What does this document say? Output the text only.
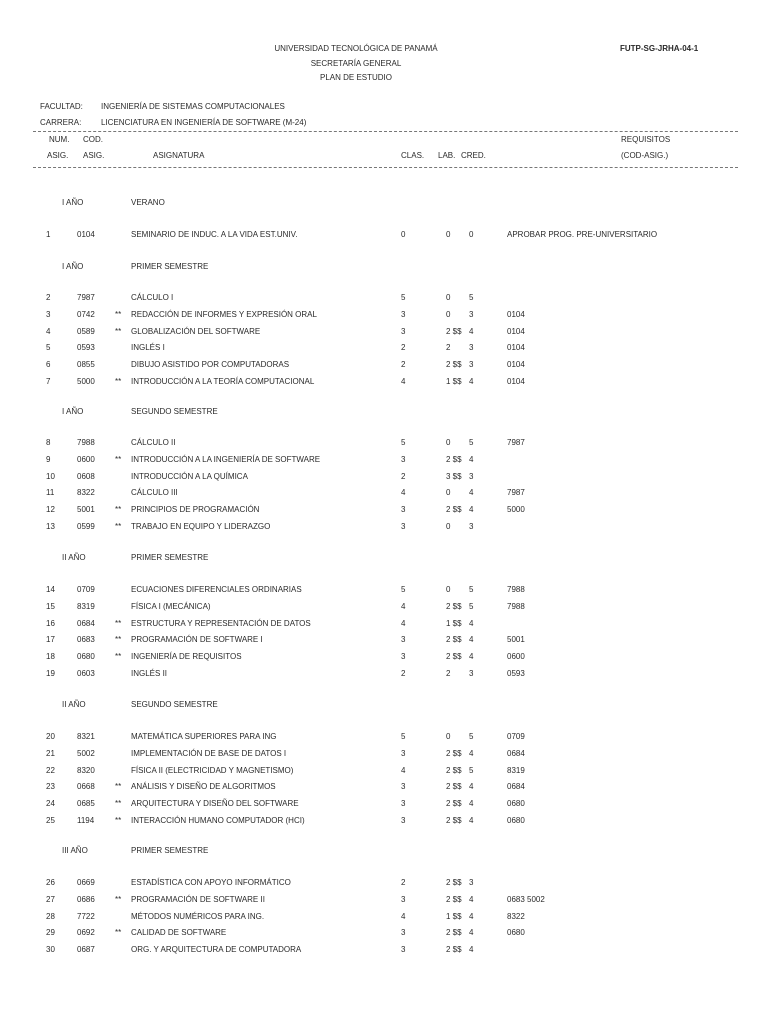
UNIVERSIDAD TECNOLÓGICA DE PANAMÁ
SECRETARÍA GENERAL
PLAN DE ESTUDIO
FUTP-SG-JRHA-04-1
FACULTAD: INGENIERÍA DE SISTEMAS COMPUTACIONALES
CARRERA: LICENCIATURA EN INGENIERÍA DE SOFTWARE (M-24)
NUM.
ASIG.
COD.
ASIG.	ASIGNATURA	CLAS. LAB. CRED.
REQUISITOS
(COD-ASIG.)
I AÑO	VERANO
1	0104	SEMINARIO DE INDUC. A LA VIDA EST.UNIV.	0	0 0	APROBAR PROG. PRE-UNIVERSITARIO
I AÑO	PRIMER SEMESTRE
2	7987	CÁLCULO I	5	0 5
3	0742	** REDACCIÓN DE INFORMES Y EXPRESIÓN ORAL	3	0 3	0104
4	0589	** GLOBALIZACIÓN DEL SOFTWARE	3	2 $$ 4	0104
5	0593	INGLÉS I	2	2 3	0104
6	0855	DIBUJO ASISTIDO POR COMPUTADORAS	2	2 $$ 3	0104
7	5000	** INTRODUCCIÓN A LA TEORÍA COMPUTACIONAL	4	1 $$ 4	0104
I AÑO	SEGUNDO SEMESTRE
8	7988	CÁLCULO II	5	0 5	7987
9	0600	** INTRODUCCIÓN A LA INGENIERÍA DE SOFTWARE	3	2 $$ 4
10	0608	INTRODUCCIÓN A LA QUÍMICA	2	3 $$ 3
11	8322	CÁLCULO III	4	0 4	7987
12	5001	** PRINCIPIOS DE PROGRAMACIÓN	3	2 $$ 4	5000
13	0599	** TRABAJO EN EQUIPO Y LIDERAZGO	3	0 3
II AÑO	PRIMER SEMESTRE
14	0709	ECUACIONES DIFERENCIALES ORDINARIAS	5	0 5	7988
15	8319	FÍSICA I (MECÁNICA)	4	2 $$ 5	7988
16	0684	** ESTRUCTURA Y REPRESENTACIÓN DE DATOS	4	1 $$ 4
17	0683	** PROGRAMACIÓN DE SOFTWARE I	3	2 $$ 4	5001
18	0680	** INGENIERÍA DE REQUISITOS	3	2 $$ 4	0600
19	0603	INGLÉS II	2	2 3	0593
II AÑO	SEGUNDO SEMESTRE
20	8321	MATEMÁTICA SUPERIORES PARA ING	5	0 5	0709
21	5002	IMPLEMENTACIÓN DE BASE DE DATOS I	3	2 $$ 4	0684
22	8320	FÍSICA II (ELECTRICIDAD Y MAGNETISMO)	4	2 $$ 5	8319
23	0668	** ANÁLISIS Y DISEÑO DE ALGORITMOS	3	2 $$ 4	0684
24	0685	** ARQUITECTURA Y DISEÑO DEL SOFTWARE	3	2 $$ 4	0680
25	1194	** INTERACCIÓN HUMANO COMPUTADOR (HCI)	3	2 $$ 4	0680
III AÑO	PRIMER SEMESTRE
26	0669	ESTADÍSTICA CON APOYO INFORMÁTICO	2	2 $$ 3
27	0686	** PROGRAMACIÓN DE SOFTWARE II	3	2 $$ 4	0683 5002
28	7722	MÉTODOS NUMÉRICOS PARA ING.	4	1 $$ 4	8322
29	0692	** CALIDAD DE SOFTWARE	3	2 $$ 4	0680
30	0687	ORG. Y ARQUITECTURA DE COMPUTADORA	3	2 $$ 4
